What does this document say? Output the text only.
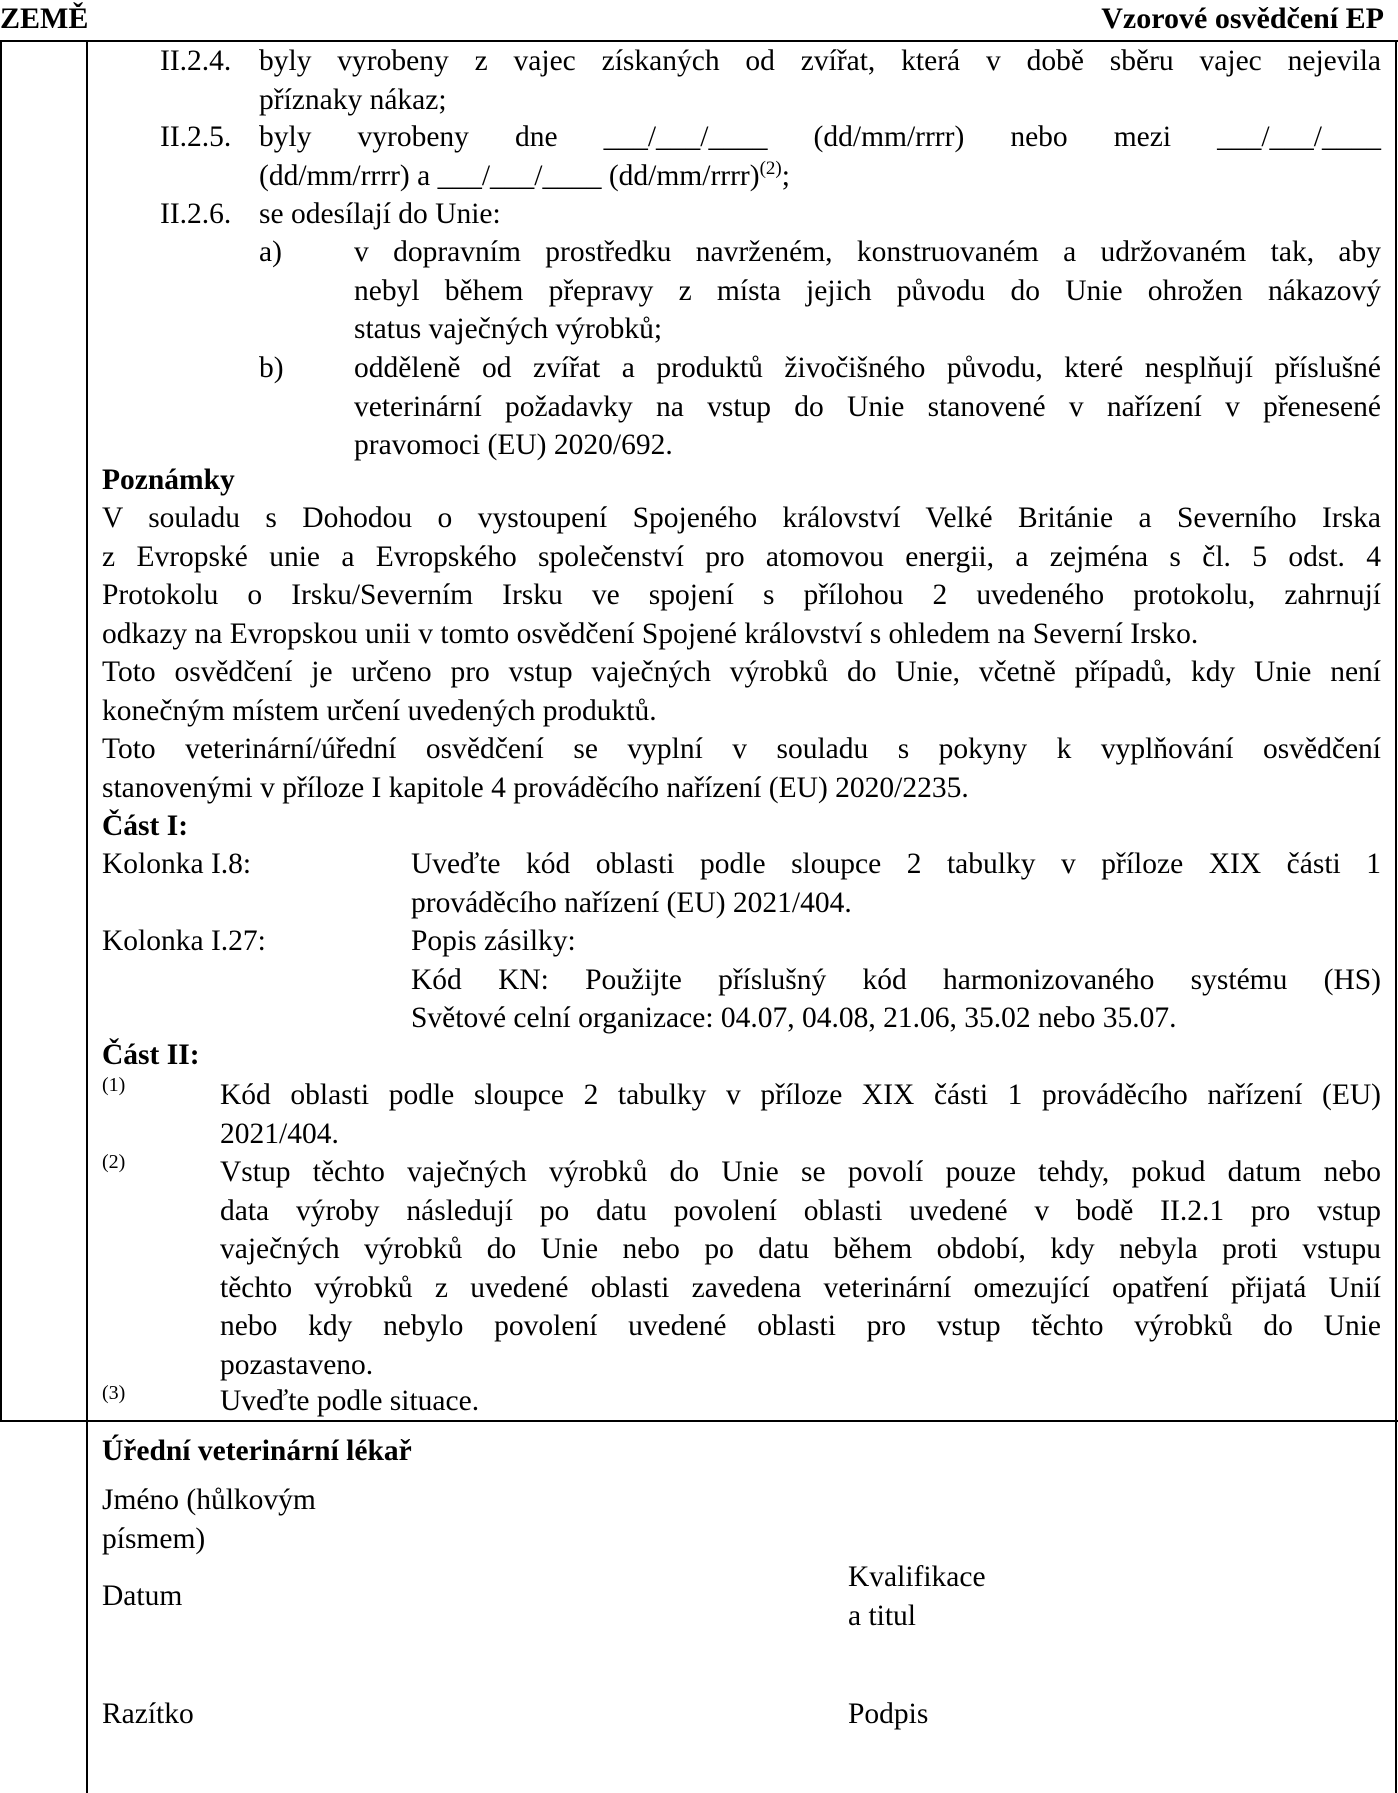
ZEMĚ	Vzorové osvědčení EP
II.2.4. byly vyrobeny z vajec získaných od zvířat, která v době sběru vajec nejevila
příznaky nákaz;
II.2.5. byly vyrobeny dne ___/___/____ (dd/mm/rrrr) nebo mezi ___/___/____
(dd/mm/rrrr) a ___/___/____ (dd/mm/rrrr)$^{(2)}$;
II.2.6. se odesílají do Unie:
a) v dopravním prostředku navrženém, konstruovaném a udržovaném tak, aby
nebyl během přepravy z místa jejich původu do Unie ohrožen nákazový
status vaječných výrobků;
b) odděleně od zvířat a produktů živočišného původu, které nesplňují příslušné
veterinární požadavky na vstup do Unie stanovené v nařízení v přenesené
pravomoci (EU) 2020/692.
Poznámky
V souladu s Dohodou o vystoupení Spojeného království Velké Británie a Severního Irska
z Evropské unie a Evropského společenství pro atomovou energii, a zejména s čl. 5 odst. 4
Protokolu o Irsku/Severním Irsku ve spojení s přílohou 2 uvedeného protokolu, zahrnují
odkazy na Evropskou unii v tomto osvědčení Spojené království s ohledem na Severní Irsko.
Toto osvědčení je určeno pro vstup vaječných výrobků do Unie, včetně případů, kdy Unie není
konečným místem určení uvedených produktů.
Toto veterinární/úřední osvědčení se vyplní v souladu s pokyny k vyplňování osvědčení
stanovenými v příloze I kapitole 4 prováděcího nařízení (EU) 2020/2235.
Část I:
Kolonka I.8:	Uveďte kód oblasti podle sloupce 2 tabulky v příloze XIX části 1
prováděcího nařízení (EU) 2021/404.
Kolonka I.27:	Popis zásilky:
Kód KN: Použijte příslušný kód harmonizovaného systému (HS)
Světové celní organizace: 04.07, 04.08, 21.06, 35.02 nebo 35.07.
Část II:
(1)	Kód oblasti podle sloupce 2 tabulky v příloze XIX části 1 prováděcího nařízení (EU)
2021/404.
(2)	Vstup těchto vaječných výrobků do Unie se povolí pouze tehdy, pokud datum nebo
data výroby následují po datu povolení oblasti uvedené v bodě II.2.1 pro vstup
vaječných výrobků do Unie nebo po datu během období, kdy nebyla proti vstupu
těchto výrobků z uvedené oblasti zavedena veterinární omezující opatření přijatá Unií
nebo kdy nebylo povolení uvedené oblasti pro vstup těchto výrobků do Unie
pozastaveno.
(3)	Uveďte podle situace.
Úřední veterinární lékař
Jméno (hůlkovým
písmem)
Datum
Kvalifikace
a titul
Razítko	Podpis
